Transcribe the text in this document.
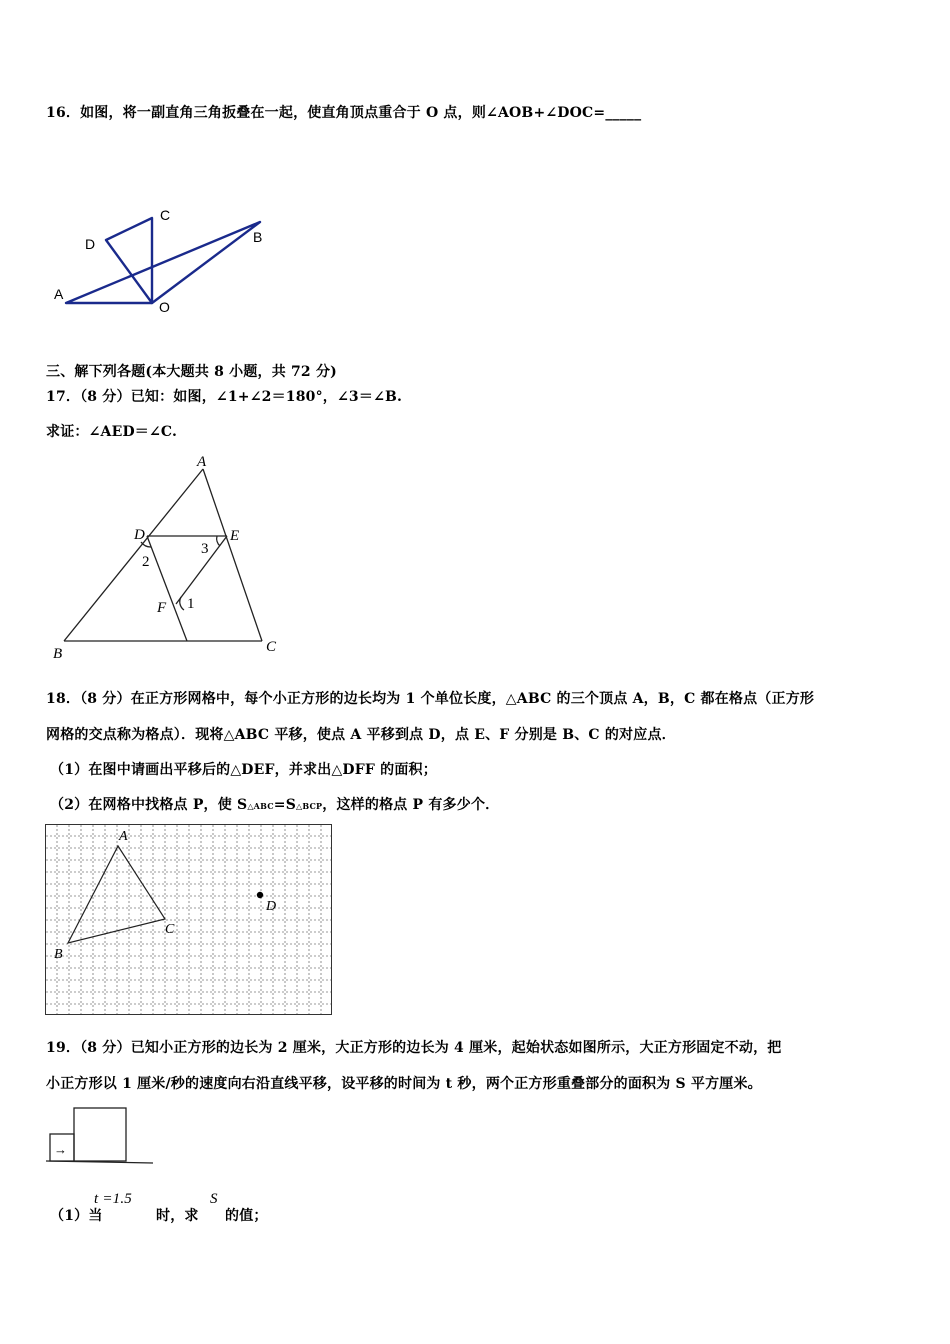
16．如图，将一副直角三角扳叠在一起，使直角顶点重合于 O 点，则∠AOB+∠DOC=_____
A
B
C
D
O
三、解下列各题(本大题共 8 小题，共 72 分)
17．（8 分）已知：如图，∠1+∠2＝180°，∠3＝∠B.
求证：∠AED＝∠C.
A
B	C
D	E
F 1
2
3
18．（8 分）在正方形网格中，每个小正方形的边长均为 1 个单位长度，△ABC 的三个顶点 A，B，C 都在格点（正方形
网格的交点称为格点）．现将△ABC 平移，使点 A 平移到点 D，点 E、F 分别是 B、C 的对应点．
（1）在图中请画出平移后的△DEF，并求出△DFF 的面积；
（2）在网格中找格点 P，使 S△ABC=S△BCP，这样的格点 P 有多少个．
A
B
C
D
19．（8 分）已知小正方形的边长为 2 厘米，大正方形的边长为 4 厘米，起始状态如图所示，大正方形固定不动，把
小正方形以 1 厘米/秒的速度向右沿直线平移，设平移的时间为 t 秒，两个正方形重叠部分的面积为 S 平方厘米。
→
（1）当
t =1.5
时，求
S
的值；
